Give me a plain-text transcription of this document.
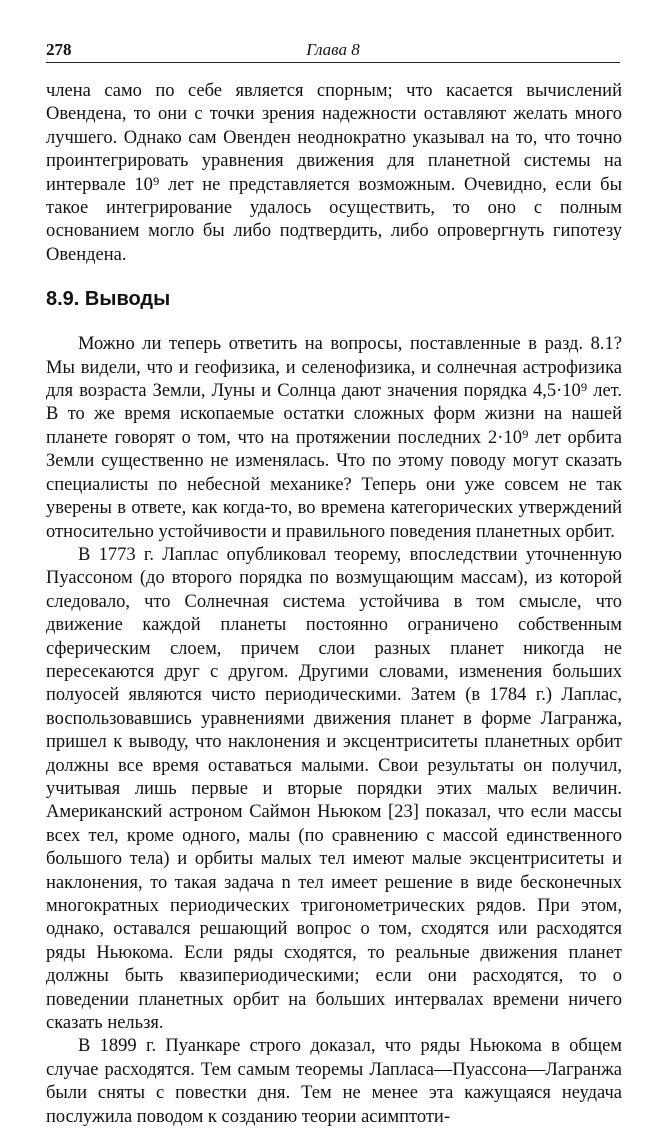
278	Глава 8

члена само по себе является спорным; что касается вычислений Овендена, то они с точки зрения надежности оставляют желать много лучшего. Однако сам Овенден неоднократно указывал на то, что точно проинтегрировать уравнения движения для планетной системы на интервале 10⁹ лет не представляется возможным. Очевидно, если бы такое интегрирование удалось осуществить, то оно с полным основанием могло бы либо подтвердить, либо опровергнуть гипотезу Овендена.

8.9. Выводы

Можно ли теперь ответить на вопросы, поставленные в разд. 8.1? Мы видели, что и геофизика, и селенофизика, и солнечная астрофизика для возраста Земли, Луны и Солнца дают значения порядка 4,5·10⁹ лет. В то же время ископаемые остатки сложных форм жизни на нашей планете говорят о том, что на протяжении последних 2·10⁹ лет орбита Земли существенно не изменялась. Что по этому поводу могут сказать специалисты по небесной механике? Теперь они уже совсем не так уверены в ответе, как когда-то, во времена категорических утверждений относительно устойчивости и правильного поведения планетных орбит.

В 1773 г. Лаплас опубликовал теорему, впоследствии уточненную Пуассоном (до второго порядка по возмущающим массам), из которой следовало, что Солнечная система устойчива в том смысле, что движение каждой планеты постоянно ограничено собственным сферическим слоем, причем слои разных планет никогда не пересекаются друг с другом. Другими словами, изменения больших полуосей являются чисто периодическими. Затем (в 1784 г.) Лаплас, воспользовавшись уравнениями движения планет в форме Лагранжа, пришел к выводу, что наклонения и эксцентриситеты планетных орбит должны все время оставаться малыми. Свои результаты он получил, учитывая лишь первые и вторые порядки этих малых величин. Американский астроном Саймон Ньюком [23] показал, что если массы всех тел, кроме одного, малы (по сравнению с массой единственного большого тела) и орбиты малых тел имеют малые эксцентриситеты и наклонения, то такая задача n тел имеет решение в виде бесконечных многократных периодических тригонометрических рядов. При этом, однако, оставался решающий вопрос о том, сходятся или расходятся ряды Ньюкома. Если ряды сходятся, то реальные движения планет должны быть квазипериодическими; если они расходятся, то о поведении планетных орбит на больших интервалах времени ничего сказать нельзя.

В 1899 г. Пуанкаре строго доказал, что ряды Ньюкома в общем случае расходятся. Тем самым теоремы Лапласа—Пуассона—Лагранжа были сняты с повестки дня. Тем не менее эта кажущаяся неудача послужила поводом к созданию теории асимптоти-
